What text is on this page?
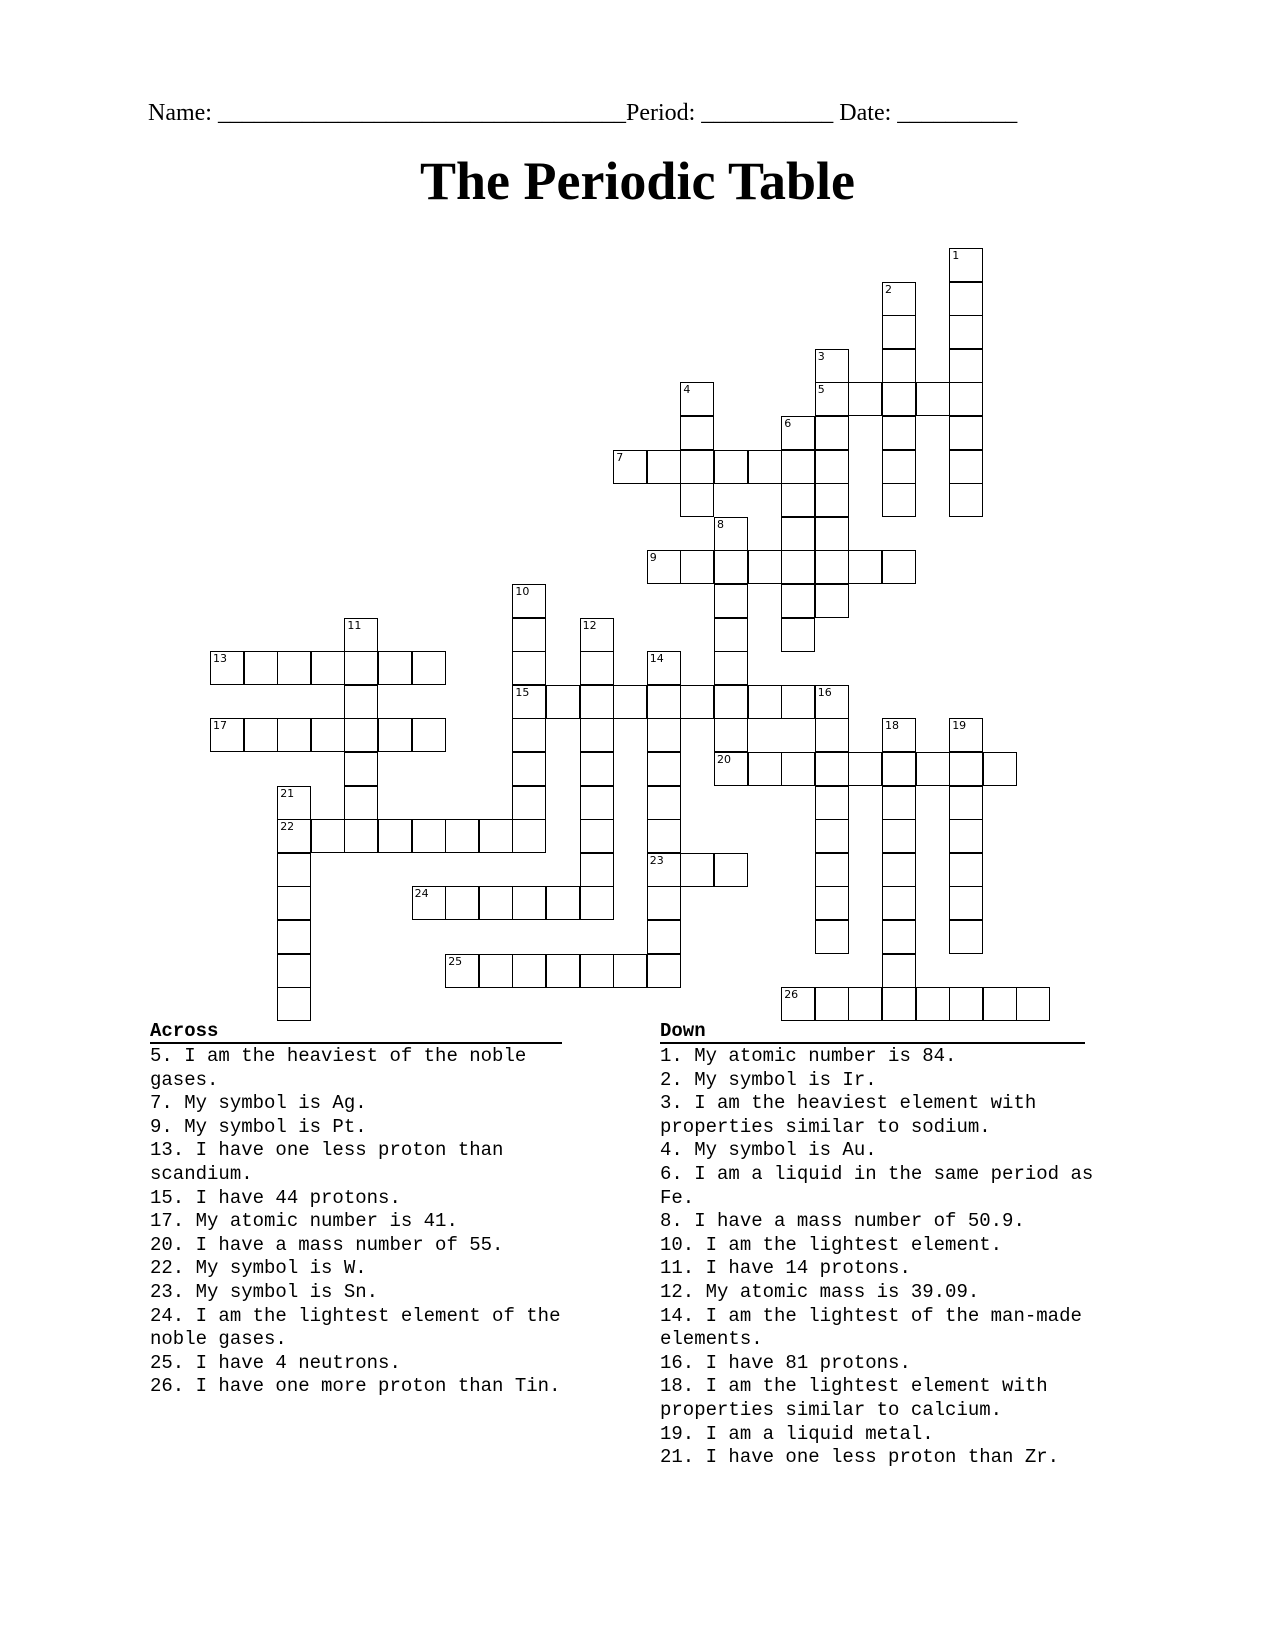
Name: __________________________________Period: ___________ Date: __________
The Periodic Table
1
2
3
5
4
6
8
20
10
15
11	12
14
23
16
18	19
21
22
7
9
13
17
24
25
26
Across
5. I am the heaviest of the noble gases.
7. My symbol is Ag.
9. My symbol is Pt.
13. I have one less proton than scandium.
15. I have 44 protons.
17. My atomic number is 41.
20. I have a mass number of 55.
22. My symbol is W.
23. My symbol is Sn.
24. I am the lightest element of the noble gases.
25. I have 4 neutrons.
26. I have one more proton than Tin.
Down
1. My atomic number is 84.
2. My symbol is Ir.
3. I am the heaviest element with properties similar to sodium.
4. My symbol is Au.
6. I am a liquid in the same period as Fe.
8. I have a mass number of 50.9.
10. I am the lightest element.
11. I have 14 protons.
12. My atomic mass is 39.09.
14. I am the lightest of the man-made elements.
16. I have 81 protons.
18. I am the lightest element with properties similar to calcium.
19. I am a liquid metal.
21. I have one less proton than Zr.
